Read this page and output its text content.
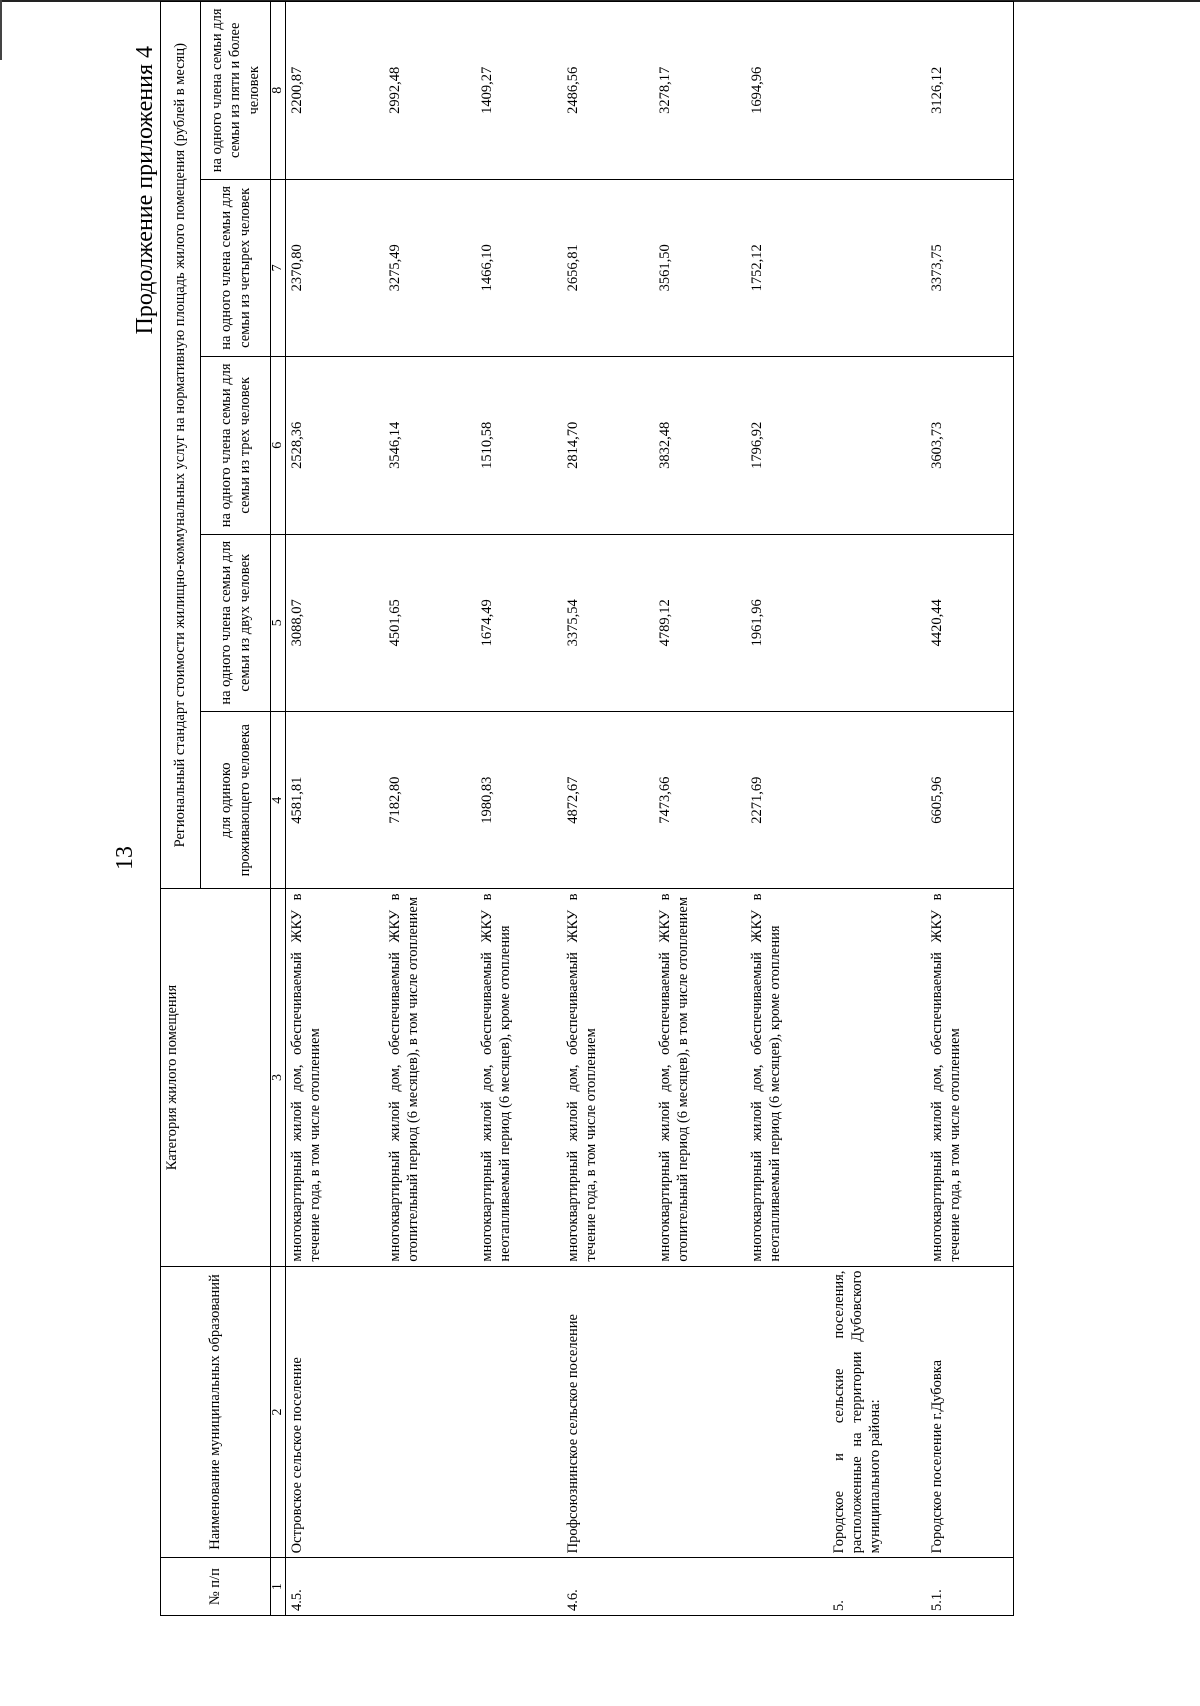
13
Продолжение приложения 4
№ п/п	Наименование муниципальных образований	Категория жилого помещения	Региональный стандарт стоимости жилищно-коммунальных услуг на нормативную площадь жилого помещения (рублей в месяц)				
			для одиноко проживающего человека	на одного члена семьи для семьи из двух человек	на одного члена семьи для семьи из трех человек	на одного члена семьи для семьи из четырех человек	на одного члена семьи для семьи из пяти и более человек
1	2	3	4	5	6	7	8
4.5.	Островское сельское поселение	многоквартирный жилой дом, обеспечиваемый ЖКУ в течение года, в том числе отоплением	4581,81	3088,07	2528,36	2370,80	2200,87
		многоквартирный жилой дом, обеспечиваемый ЖКУ в отопительный период (6 месяцев), в том числе отоплением	7182,80	4501,65	3546,14	3275,49	2992,48
		многоквартирный жилой дом, обеспечиваемый ЖКУ в неотапливаемый период (6 месяцев), кроме отопления	1980,83	1674,49	1510,58	1466,10	1409,27
4.6.	Профсоюзнинское сельское поселение	многоквартирный жилой дом, обеспечиваемый ЖКУ в течение года, в том числе отоплением	4872,67	3375,54	2814,70	2656,81	2486,56
		многоквартирный жилой дом, обеспечиваемый ЖКУ в отопительный период (6 месяцев), в том числе отоплением	7473,66	4789,12	3832,48	3561,50	3278,17
		многоквартирный жилой дом, обеспечиваемый ЖКУ в неотапливаемый период (6 месяцев), кроме отопления	2271,69	1961,96	1796,92	1752,12	1694,96
5.	Городское и сельские поселения, расположенные на территории Дубовского муниципального района:						
5.1.	Городское поселение г.Дубовка	многоквартирный жилой дом, обеспечиваемый ЖКУ в течение года, в том числе отоплением	6605,96	4420,44	3603,73	3373,75	3126,12
